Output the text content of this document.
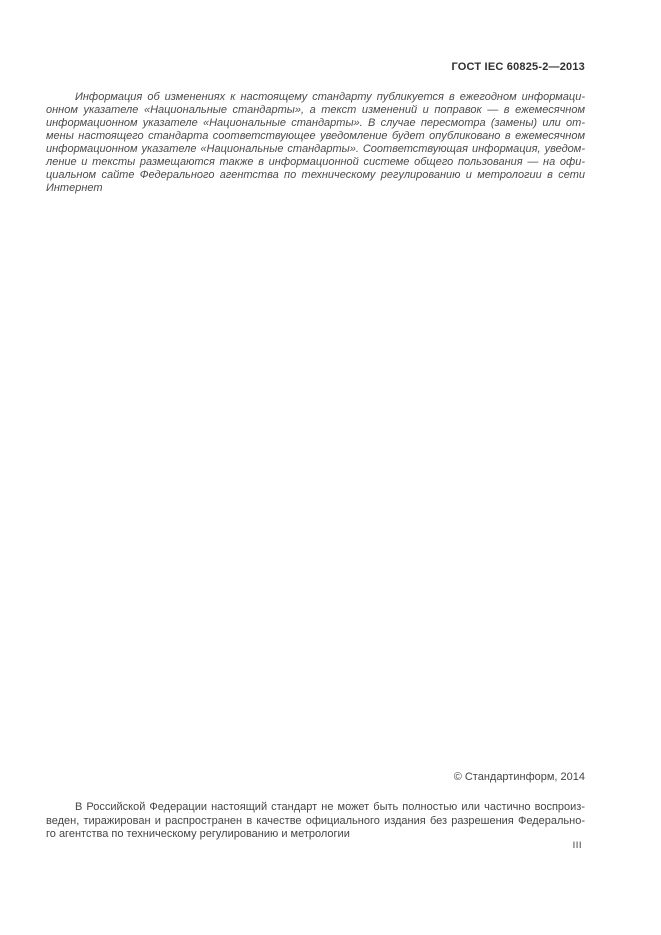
ГОСТ IEC 60825-2—2013
Информация об изменениях к настоящему стандарту публикуется в ежегодном информаци-
онном указателе «Национальные стандарты», а текст изменений и поправок — в ежемесячном
информационном указателе «Национальные стандарты». В случае пересмотра (замены) или от-
мены настоящего стандарта соответствующее уведомление будет опубликовано в ежемесячном
информационном указателе «Национальные стандарты». Соответствующая информация, уведом-
ление и тексты размещаются также в информационной системе общего пользования — на офи-
циальном сайте Федерального агентства по техническому регулированию и метрологии в сети
Интернет
© Стандартинформ, 2014
В Российской Федерации настоящий стандарт не может быть полностью или частично воспроиз-
веден, тиражирован и распространен в качестве официального издания без разрешения Федерально-
го агентства по техническому регулированию и метрологии
III
